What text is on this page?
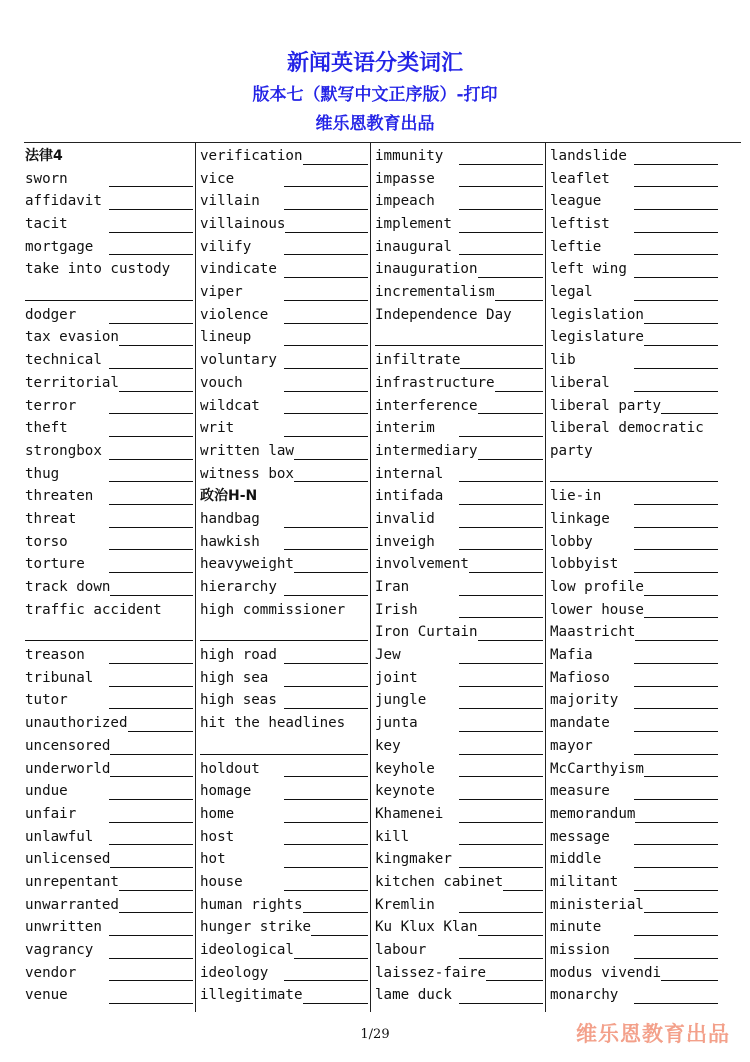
新闻英语分类词汇
版本七（默写中文正序版）-打印
维乐恩教育出品
法律4
sworn
affidavit
tacit
mortgage
take into custody
dodger
tax evasion
technical
territorial
terror
theft
strongbox
thug
threaten
threat
torso
torture
track down
traffic accident
treason
tribunal
tutor
unauthorized
uncensored
underworld
undue
unfair
unlawful
unlicensed
unrepentant
unwarranted
unwritten
vagrancy
vendor
venue
verification
vice
villain
villainous
vilify
vindicate
viper
violence
lineup
voluntary
vouch
wildcat
writ
written law
witness box
政治H-N
handbag
hawkish
heavyweight
hierarchy
high commissioner
high road
high sea
high seas
hit the headlines
holdout
homage
home
host
hot
house
human rights
hunger strike
ideological
ideology
illegitimate
immunity
impasse
impeach
implement
inaugural
inauguration
incrementalism
Independence Day
infiltrate
infrastructure
interference
interim
intermediary
internal
intifada
invalid
inveigh
involvement
Iran
Irish
Iron Curtain
Jew
joint
jungle
junta
key
keyhole
keynote
Khamenei
kill
kingmaker
kitchen cabinet
Kremlin
Ku Klux Klan
labour
laissez-faire
lame duck
landslide
leaflet
league
leftist
leftie
left wing
legal
legislation
legislature
lib
liberal
liberal party
liberal democratic
party
lie-in
linkage
lobby
lobbyist
low profile
lower house
Maastricht
Mafia
Mafioso
majority
mandate
mayor
McCarthyism
measure
memorandum
message
middle
militant
ministerial
minute
mission
modus vivendi
monarchy
1/29	维乐恩教育出品
